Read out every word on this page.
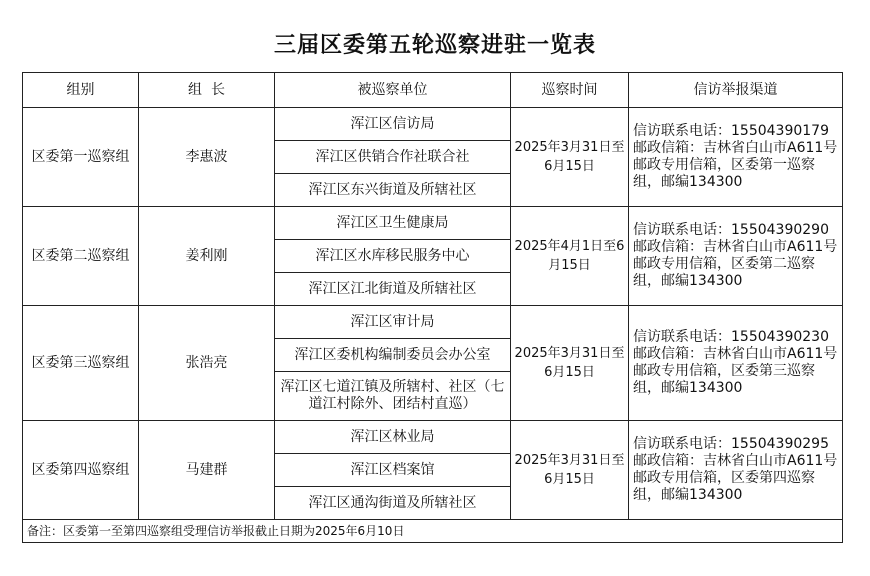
三届区委第五轮巡察进驻一览表
组别	组  长	被巡察单位	巡察时间	信访举报渠道
区委第一巡察组	李惠波	浑江区信访局	2025年3月31日至6月15日	信访联系电话：15504390179 邮政信箱：吉林省白山市A611号邮政专用信箱，区委第一巡察组，邮编134300
		浑江区供销合作社联合社		
		浑江区东兴街道及所辖社区		
区委第二巡察组	姜利刚	浑江区卫生健康局	2025年4月1日至6月15日	信访联系电话：15504390290 邮政信箱：吉林省白山市A611号邮政专用信箱，区委第二巡察组，邮编134300
		浑江区水库移民服务中心		
		浑江区江北街道及所辖社区		
区委第三巡察组	张浩亮	浑江区审计局	2025年3月31日至6月15日	信访联系电话：15504390230 邮政信箱：吉林省白山市A611号邮政专用信箱，区委第三巡察组，邮编134300
		浑江区委机构编制委员会办公室		
		浑江区七道江镇及所辖村、社区（七道江村除外、团结村直巡）		
区委第四巡察组	马建群	浑江区林业局	2025年3月31日至6月15日	信访联系电话：15504390295 邮政信箱：吉林省白山市A611号邮政专用信箱，区委第四巡察组，邮编134300
		浑江区档案馆		
		浑江区通沟街道及所辖社区		
备注：区委第一至第四巡察组受理信访举报截止日期为2025年6月10日				
